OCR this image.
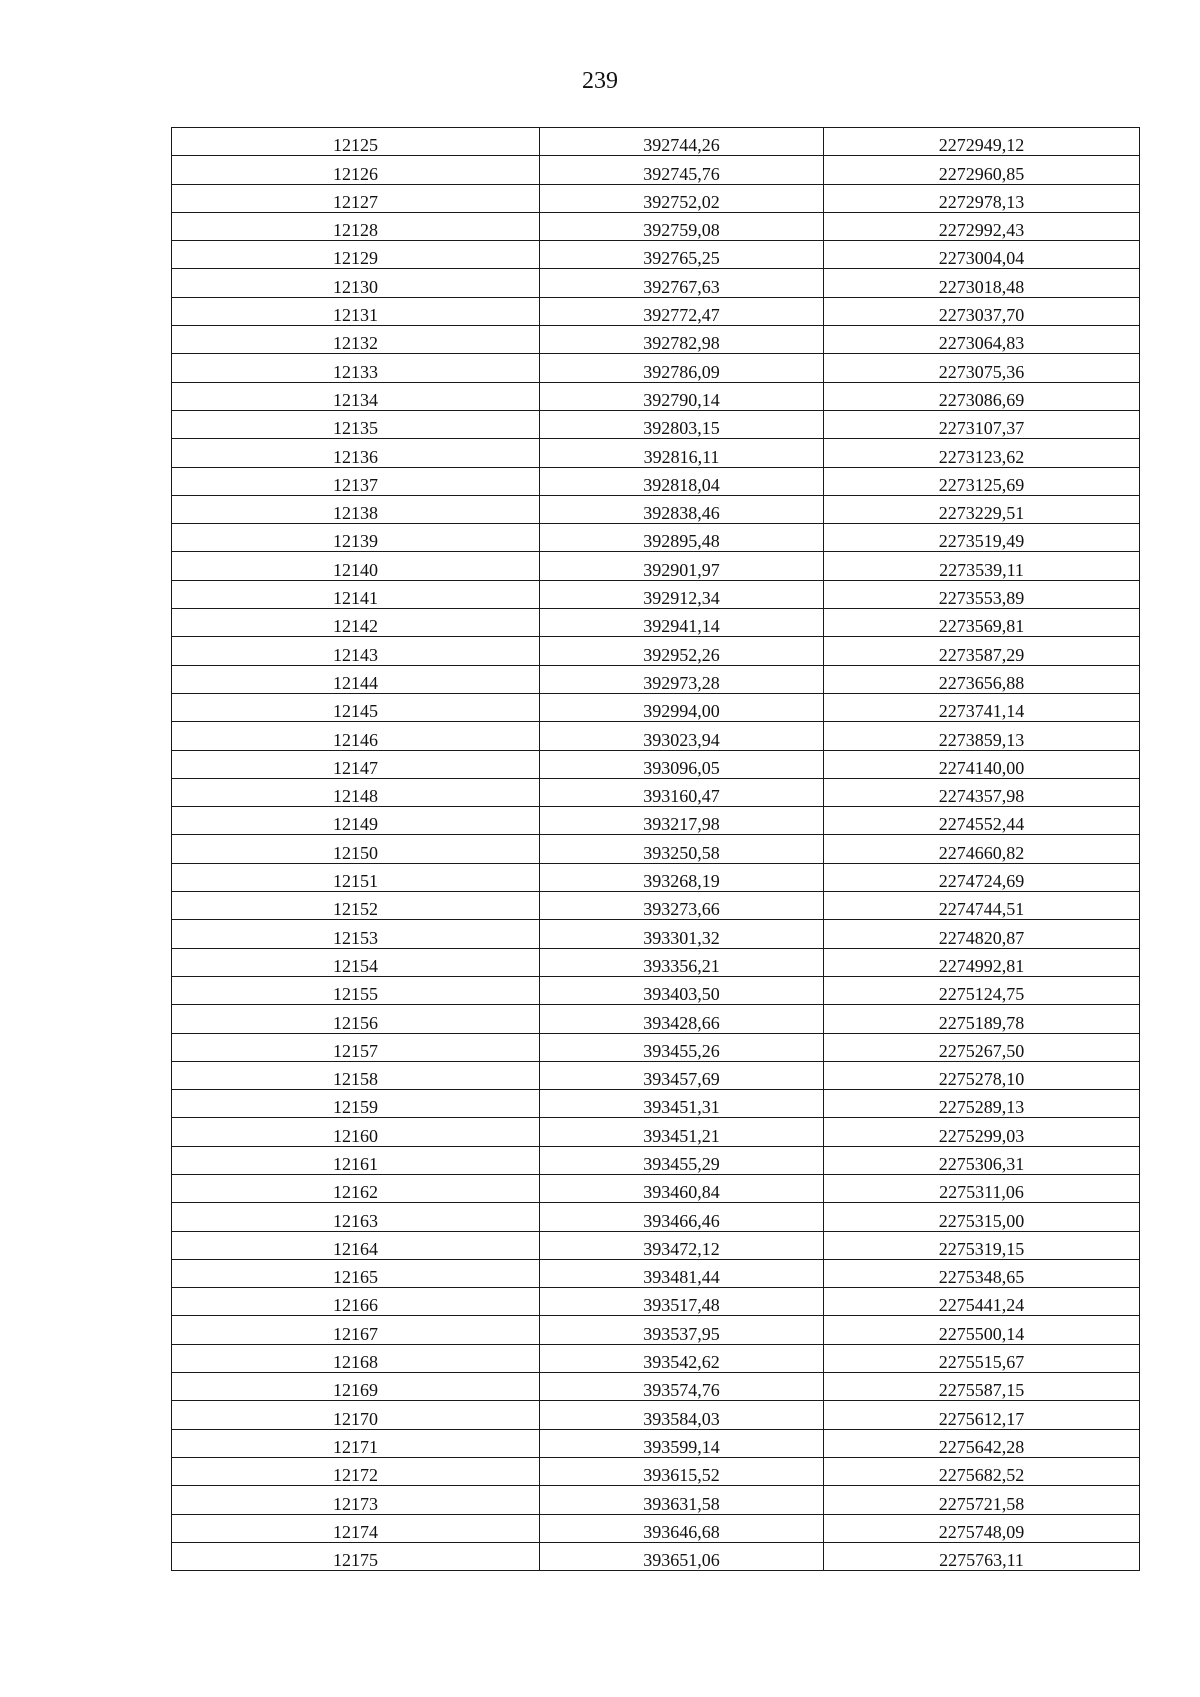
239
12125	392744,26	2272949,12
12126	392745,76	2272960,85
12127	392752,02	2272978,13
12128	392759,08	2272992,43
12129	392765,25	2273004,04
12130	392767,63	2273018,48
12131	392772,47	2273037,70
12132	392782,98	2273064,83
12133	392786,09	2273075,36
12134	392790,14	2273086,69
12135	392803,15	2273107,37
12136	392816,11	2273123,62
12137	392818,04	2273125,69
12138	392838,46	2273229,51
12139	392895,48	2273519,49
12140	392901,97	2273539,11
12141	392912,34	2273553,89
12142	392941,14	2273569,81
12143	392952,26	2273587,29
12144	392973,28	2273656,88
12145	392994,00	2273741,14
12146	393023,94	2273859,13
12147	393096,05	2274140,00
12148	393160,47	2274357,98
12149	393217,98	2274552,44
12150	393250,58	2274660,82
12151	393268,19	2274724,69
12152	393273,66	2274744,51
12153	393301,32	2274820,87
12154	393356,21	2274992,81
12155	393403,50	2275124,75
12156	393428,66	2275189,78
12157	393455,26	2275267,50
12158	393457,69	2275278,10
12159	393451,31	2275289,13
12160	393451,21	2275299,03
12161	393455,29	2275306,31
12162	393460,84	2275311,06
12163	393466,46	2275315,00
12164	393472,12	2275319,15
12165	393481,44	2275348,65
12166	393517,48	2275441,24
12167	393537,95	2275500,14
12168	393542,62	2275515,67
12169	393574,76	2275587,15
12170	393584,03	2275612,17
12171	393599,14	2275642,28
12172	393615,52	2275682,52
12173	393631,58	2275721,58
12174	393646,68	2275748,09
12175	393651,06	2275763,11
